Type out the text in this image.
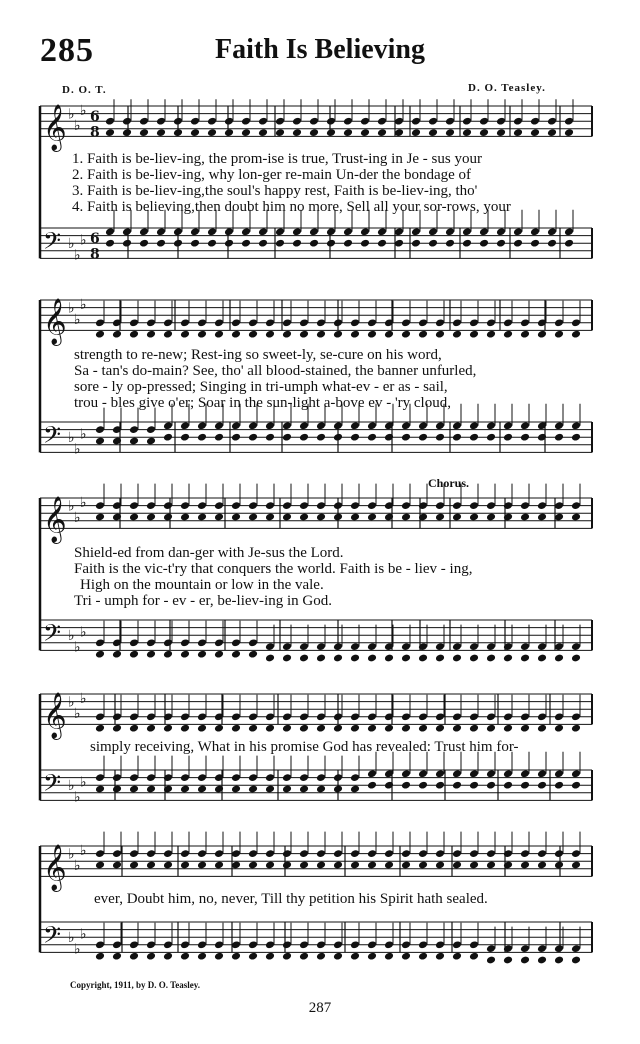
285	Faith Is Believing
D. O. T.	D. O. Teasley.
𝄞 ♭
♭
♭ 6
8
𝄢 ♭
♭
♭ 6
8
𝄞 ♭
♭
♭
𝄢 ♭
♭
♭
𝄞 ♭
♭
♭
𝄢 ♭
♭
♭
𝄞 ♭
♭
♭
𝄢 ♭
♭
♭
𝄞 ♭
♭
♭
𝄢 ♭
♭
♭
1. Faith is be-liev-ing, the prom-ise is true, Trust-ing in Je - sus your
2. Faith is be-liev-ing, why lon-ger re-main Un-der the bondage of
3. Faith is be-liev-ing,the soul's happy rest, Faith is be-liev-ing, tho'
4. Faith is believing,then doubt him no more, Sell all your sor-rows, your
strength to re-new; Rest-ing so sweet-ly, se-cure on his word,
Sa - tan's do-main? See, tho' all blood-stained, the banner unfurled,
sore - ly op-pressed; Singing in tri-umph what-ev - er as - sail,
trou - bles give o'er; Soar in the sun-light a-bove ev - 'ry cloud,
Chorus.
Shield-ed from dan-ger with Je-sus the Lord.
Faith is the vic-t'ry that conquers the world. Faith is be - liev - ing,
High on the mountain or low in the vale.
Tri - umph for - ev - er, be-liev-ing in God.
simply receiving, What in his promise God has revealed: Trust him for-
ever, Doubt him, no, never, Till thy petition his Spirit hath sealed.
Copyright, 1911, by D. O. Teasley.
287
